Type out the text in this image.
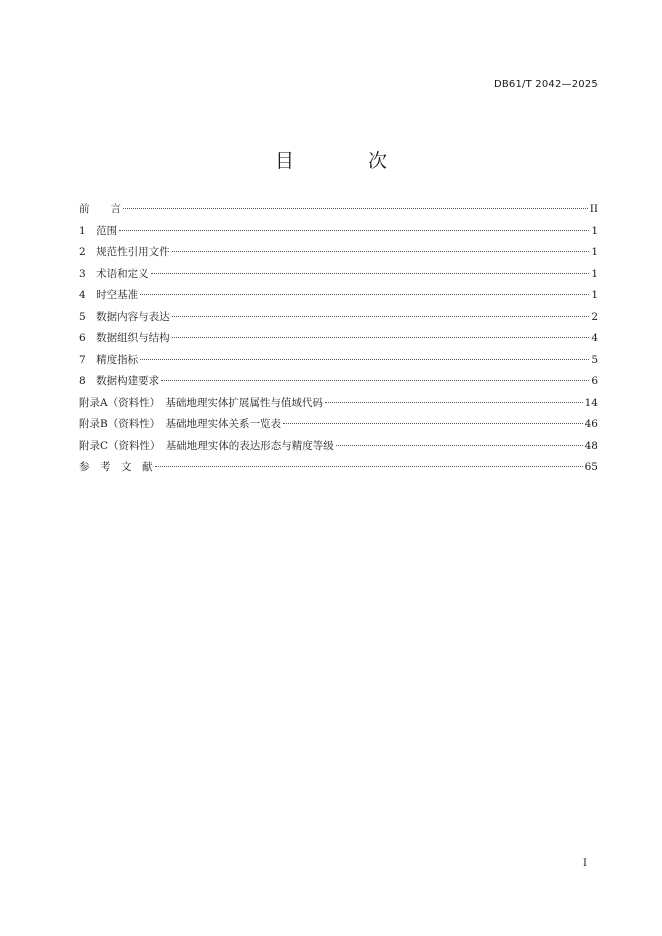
DB61/T 2042—2025
目 次
前　　言	II
1　范围	1
2　规范性引用文件	1
3　术语和定义	1
4　时空基准	1
5　数据内容与表达	2
6　数据组织与结构	4
7　精度指标	5
8　数据构建要求	6
附录A（资料性）　基础地理实体扩展属性与值域代码	14
附录B（资料性）　基础地理实体关系一览表	46
附录C（资料性）　基础地理实体的表达形态与精度等级	48
参　考　文　献	65
I
